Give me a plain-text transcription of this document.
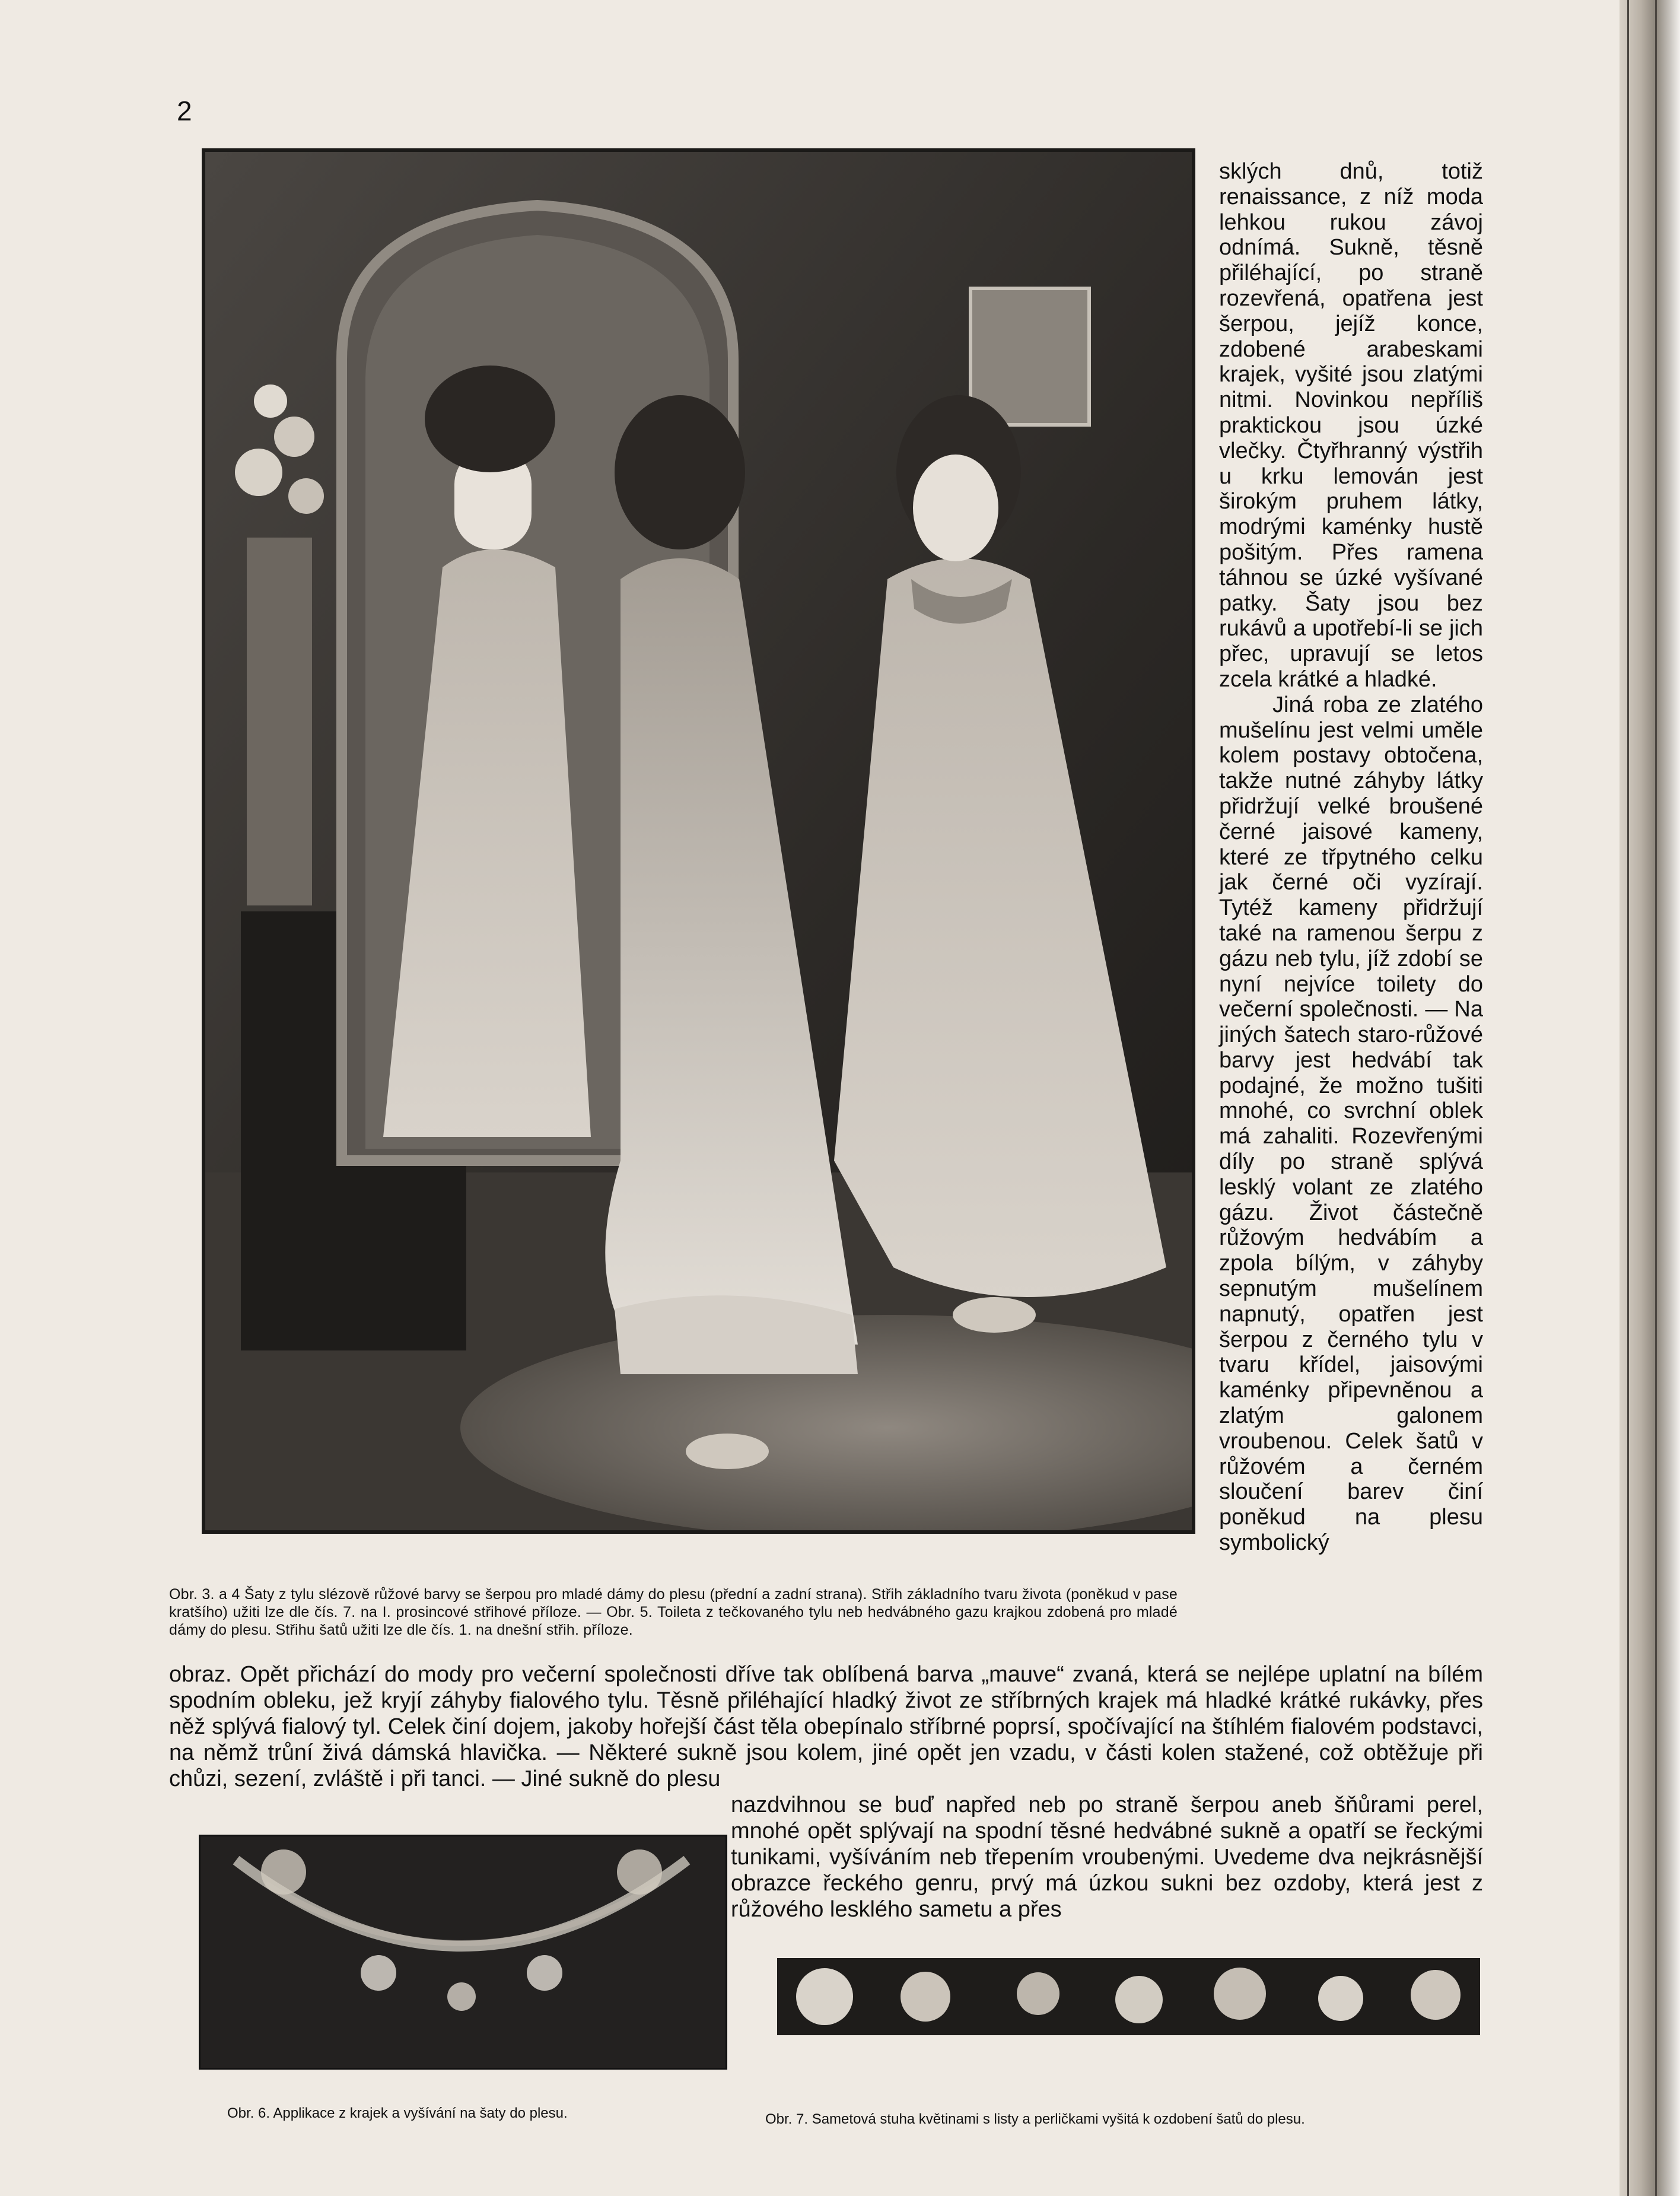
2

sklých dnů, totiž renaissance, z níž moda lehkou rukou závoj odnímá. Sukně, těsně přiléhající, po straně rozevřená, opatřena jest šerpou, jejíž konce, zdobené arabeskami krajek, vyšité jsou zlatými nitmi. Novinkou nepříliš praktickou jsou úzké vlečky. Čtyřhranný výstřih u krku lemován jest širokým pruhem látky, modrými kaménky hustě pošitým. Přes ramena táhnou se úzké vyšívané patky. Šaty jsou bez rukávů a upotřebí-li se jich přec, upravují se letos zcela krátké a hladké.

Jiná roba ze zlatého mušelínu jest velmi uměle kolem postavy obtočena, takže nutné záhyby látky přidržují velké broušené černé jaisové kameny, které ze třpytného celku jak černé oči vyzírají. Tytéž kameny přidržují také na ramenou šerpu z gázu neb tylu, jíž zdobí se nyní nejvíce toilety do večerní společnosti. — Na jiných šatech staro-růžové barvy jest hedvábí tak podajné, že možno tušiti mnohé, co svrchní oblek má zahaliti. Rozevřenými díly po straně splývá lesklý volant ze zlatého gázu. Život částečně růžovým hedvábím a zpola bílým, v záhyby sepnutým mušelínem napnutý, opatřen jest šerpou z černého tylu v tvaru křídel, jaisovými kaménky připevněnou a zlatým galonem vroubenou. Celek šatů v růžovém a černém sloučení barev činí poněkud na plesu symbolický

Obr. 3. a 4 Šaty z tylu slézově růžové barvy se šerpou pro mladé dámy do plesu (přední a zadní strana). Střih základního tvaru života (poněkud v pase kratšího) užiti lze dle čís. 7. na I. prosincové střihové příloze. — Obr. 5. Toileta z tečkovaného tylu neb hedvábného gazu krajkou zdobená pro mladé dámy do plesu. Střihu šatů užiti lze dle čís. 1. na dnešní střih. příloze.

obraz. Opět přichází do mody pro večerní společnosti dříve tak oblíbená barva „mauve“ zvaná, která se nejlépe uplatní na bílém spodním obleku, jež kryjí záhyby fialového tylu. Těsně přiléhající hladký život ze stříbrných krajek má hladké krátké rukávky, přes něž splývá fialový tyl. Celek činí dojem, jakoby hořejší část těla obepínalo stříbrné poprsí, spočívající na štíhlém fialovém podstavci, na němž trůní živá dámská hlavička. — Některé sukně jsou kolem, jiné opět jen vzadu, v části kolen stažené, což obtěžuje při chůzi, sezení, zvláště i při tanci. — Jiné sukně do plesu

nazdvihnou se buď napřed neb po straně šerpou aneb šňůrami perel, mnohé opět splývají na spodní těsné hedvábné sukně a opatří se řeckými tunikami, vyšíváním neb třepením vroubenými. Uvedeme dva nejkrásnější obrazce řeckého genru, prvý má úzkou sukni bez ozdoby, která jest z růžového lesklého sametu a přes

Obr. 6. Applikace z krajek a vyšívání na šaty do plesu.	Obr. 7. Sametová stuha květinami s listy a perličkami vyšitá k ozdobení šatů do plesu.
